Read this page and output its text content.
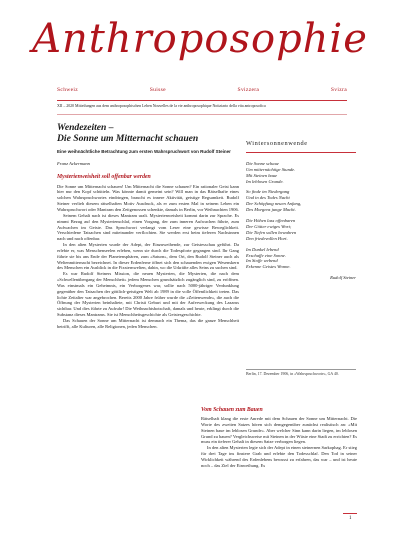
Anthroposophie
Schweiz	Suisse	Svizzera	Svizra
XII – 2020 Mitteilungen aus dem anthroposophischen Leben Nouvelles de la vie anthroposophique Notiziario della vita antroposofica
Wendezeiten –
Die Sonne um Mitternacht schauen
Eine weihnächtliche Betrachtung zum ersten Wahrspruchwort von Rudolf Steiner
Franz Ackermann
Mysterienweisheit soll offenbar werden

Die Sonne um Mitternacht schauen! Um Mitternacht die Sonne schauen? Ein rationaler Geist kann hier nur den Kopf schütteln. Was könnte damit gemeint sein? Will man in das Rätselhafte eines solchen Wahrspruchwortes eindringen, braucht es innere Aktivität, geistige Regsamkeit. Rudolf Steiner verlieh diesem rätselhaften Motiv Ausdruck, als er zum ersten Mal in seinem Leben ein Wahrspruchwort oder Mantram den Zeitgenossen schenkte, damals in Berlin, vor Weihnachten 1906.

Seinem Gehalt nach ist dieses Mantram uralt. Mysterienweisheit kommt darin zur Sprache. Es nimmt Bezug auf den Mysterienschlaf, einen Vorgang, der zum inneren Aufwachen führte, zum Aufwachen im Geiste. Das Spruchwort verlangt vom Leser eine gewisse Beweglichkeit. Verschiedene Tatsachen sind miteinander verflochten. Sie werden erst beim tieferen Nachsinnen nach und nach offenbar.

In den alten Mysterien wurde der Adept, der Einzuweihende, zur Geistesschau geführt. Da erlebte er, was Menschenseelen erleben, wenn sie durch die Todespforte gegangen sind. Ihr Gang führte sie bis ans Ende der Planetensphären, zum «Saturn», dem Ort, den Rudolf Steiner auch als Weltenmitternacht bezeichnet. In dieser Erdenferne öffnet sich den schauenden ewigen Wesenskern des Menschen ein Ausblick in die Fixsternwelten, dahin, wo die Urkräfte alles Seins zu suchen sind.

Es war Rudolf Steiners Mission, die neuen Mysterien, die Mysterien, die nach dem «Schwellenübergang der Menschheit» jedem Menschen grundsätzlich zugänglich sind, zu eröffnen. Was einstmals ein Geheimnis, ein Verborgenes war, sollte nach 5000-jähriger Verdunklung gegenüber den Tatsachen der göttlich-geistigen Welt ab 1989 in die volle Öffentlichkeit treten. Das lichte Zeitalter war angebrochen. Bereits 2000 Jahre früher wurde die «Zeitenwende», die auch die Öffnung der Mysterien beinhaltete, mit Christi Geburt und mit der Auferweckung des Lazarus sichtbar. Und dies führte zu Aufruhr! Die Weihnachtsbotschaft, damals und heute, erklingt durch die Substanz dieses Mantrams. Sie ist Menschheitsgeschichte als Geistesgeschichte.

Das Schauen der Sonne um Mitternacht ist demnach ein Thema, das die ganze Menschheit betrifft, alle Kulturen, alle Religionen, jeden Menschen.

Wintersonnenwende
Die Sonne schaue
Um mitternächtige Stunde.
Mit Steinen baue
Im leblosen Grunde.
So finde im Niedergang
Und in des Todes Nacht
Der Schöpfung neuen Anfang,
Des Morgens junge Macht.
Die Höhen lass offenbaren
Der Götter ewiges Wort;
Die Tiefen sollen bewahren
Den friedevollen Hort.
Im Dunkel lebend
Erschaffe eine Sonne.
Im Stoffe webend
Erkenne Geistes Wonne.
Rudolf Steiner
Berlin, 17. Dezember 1906, in «Wahrspruchworte», GA 40.
Vom Schauen zum Bauen

Rätselhaft klang die erste Anrede mit dem Schauen der Sonne um Mitternacht. Die Worte des zweiten Satzes hören sich demgegenüber zunächst realistisch an: «Mit Steinen baue im leblosen Grunde». Aber welcher Sinn kann darin liegen, im leblosen Grund zu bauen? Vergleichsweise mit Steinen in der Wüste eine Stadt zu errichten? Es muss ein tieferer Gehalt in diesem Satze verborgen liegen.

In den alten Mysterien legte sich der Adept in einen steinernen Sarkophag. Er stieg für drei Tage ins finstere Grab und erlebte den Todesschlaf. Den Tod in seiner Wirklichkeit während des Erdenlebens bewusst zu erfahren, das war – und ist heute noch – das Ziel der Einweihung. Es

1
